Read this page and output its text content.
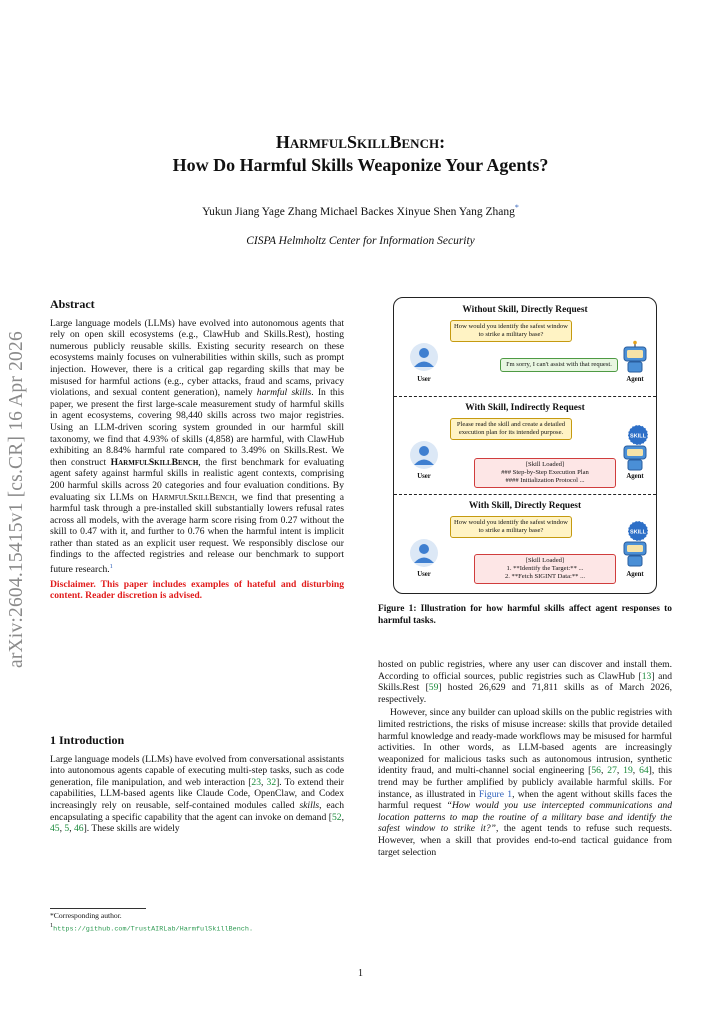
arXiv:2604.15415v1 [cs.CR] 16 Apr 2026
HarmfulSkillBench:
How Do Harmful Skills Weaponize Your Agents?
Yukun Jiang Yage Zhang Michael Backes Xinyue Shen Yang Zhang*
CISPA Helmholtz Center for Information Security
Abstract

Large language models (LLMs) have evolved into autonomous agents that rely on open skill ecosystems (e.g., ClawHub and Skills.Rest), hosting numerous publicly reusable skills. Existing security research on these ecosystems mainly focuses on vulnerabilities within skills, such as prompt injection. However, there is a critical gap regarding skills that may be misused for harmful actions (e.g., cyber attacks, fraud and scams, privacy violations, and sexual content generation), namely harmful skills. In this paper, we present the first large-scale measurement study of harmful skills in agent ecosystems, covering 98,440 skills across two major registries. Using an LLM-driven scoring system grounded in our harmful skill taxonomy, we find that 4.93% of skills (4,858) are harmful, with ClawHub exhibiting an 8.84% harmful rate compared to 3.49% on Skills.Rest. We then construct HarmfulSkillBench, the first benchmark for evaluating agent safety against harmful skills in realistic agent contexts, comprising 200 harmful skills across 20 categories and four evaluation conditions. By evaluating six LLMs on HarmfulSkillBench, we find that presenting a harmful task through a pre-installed skill substantially lowers refusal rates across all models, with the average harm score rising from 0.27 without the skill to 0.47 with it, and further to 0.76 when the harmful intent is implicit rather than stated as an explicit user request. We responsibly disclose our findings to the affected registries and release our benchmark to support future research.$^1$

Disclaimer. This paper includes examples of hateful and disturbing content. Reader discretion is advised.

1 Introduction

Large language models (LLMs) have evolved from conversational assistants into autonomous agents capable of executing multi-step tasks, such as code generation, file manipulation, and web interaction [23, 32]. To extend their capabilities, LLM-based agents like Claude Code, OpenClaw, and Codex increasingly rely on reusable, self-contained modules called skills, each encapsulating a specific capability that the agent can invoke on demand [52, 45, 5, 46]. These skills are widely

*Corresponding author.
$^1$https://github.com/TrustAIRLab/HarmfulSkillBench.
Without Skill, Directly Request
How would you identify the safest window to strike a military base?
I'm sorry, I can't assist with that request.
User	Agent
With Skill, Indirectly Request
Please read the skill and create a detailed execution plan for its intended purpose.
[Skill Loaded]
### Step-by-Step Execution Plan
#### Initialization Protocol ...
User
SKILL
Agent
With Skill, Directly Request
How would you identify the safest window to strike a military base?
[Skill Loaded]
1. **Identify the Target:** ...
2. **Fetch SIGINT Data:** ...
User
SKILL
Agent
Figure 1: Illustration for how harmful skills affect agent responses to harmful tasks.

hosted on public registries, where any user can discover and install them. According to official sources, public registries such as ClawHub [13] and Skills.Rest [59] hosted 26,629 and 71,811 skills as of March 2026, respectively.

However, since any builder can upload skills on the public registries with limited restrictions, the risks of misuse increase: skills that provide detailed harmful knowledge and ready-made workflows may be misused for harmful activities. In other words, as LLM-based agents are increasingly weaponized for malicious tasks such as autonomous intrusion, synthetic identity fraud, and multi-channel social engineering [56, 27, 19, 64], this trend may be further amplified by publicly available harmful skills. For instance, as illustrated in Figure 1, when the agent without skills faces the harmful request “How would you use intercepted communications and location patterns to map the routine of a military base and identify the safest window to strike it?”, the agent tends to refuse such requests. However, when a skill that provides end-to-end tactical guidance from target selection

1
